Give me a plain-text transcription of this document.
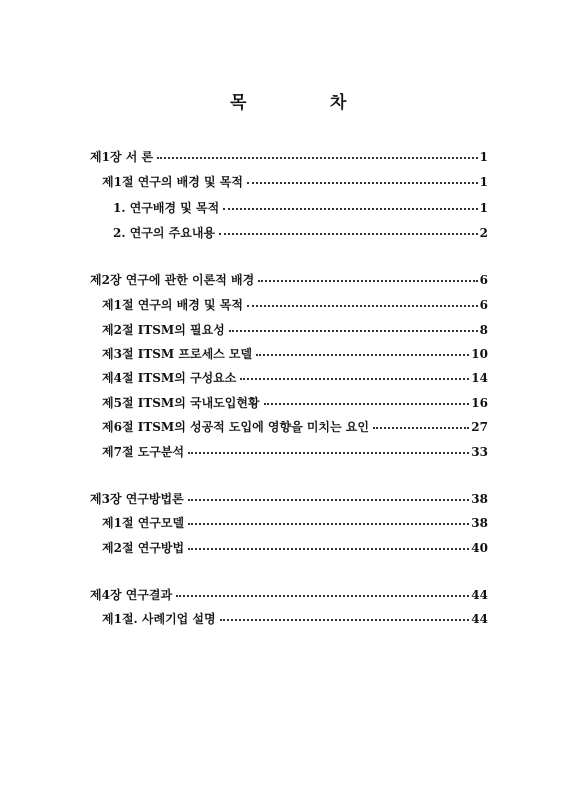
목	차
제1장 서 론	1
제1절 연구의 배경 및 목적	1
1. 연구배경 및 목적	1
2. 연구의 주요내용	2
제2장 연구에 관한 이론적 배경	6
제1절 연구의 배경 및 목적	6
제2절 ITSM의 필요성	8
제3절 ITSM 프로세스 모델	10
제4절 ITSM의 구성요소	14
제5절 ITSM의 국내도입현황	16
제6절 ITSM의 성공적 도입에 영향을 미치는 요인	27
제7절 도구분석	33
제3장 연구방법론	38
제1절 연구모델	38
제2절 연구방법	40
제4장 연구결과	44
제1절. 사례기업 설명	44
